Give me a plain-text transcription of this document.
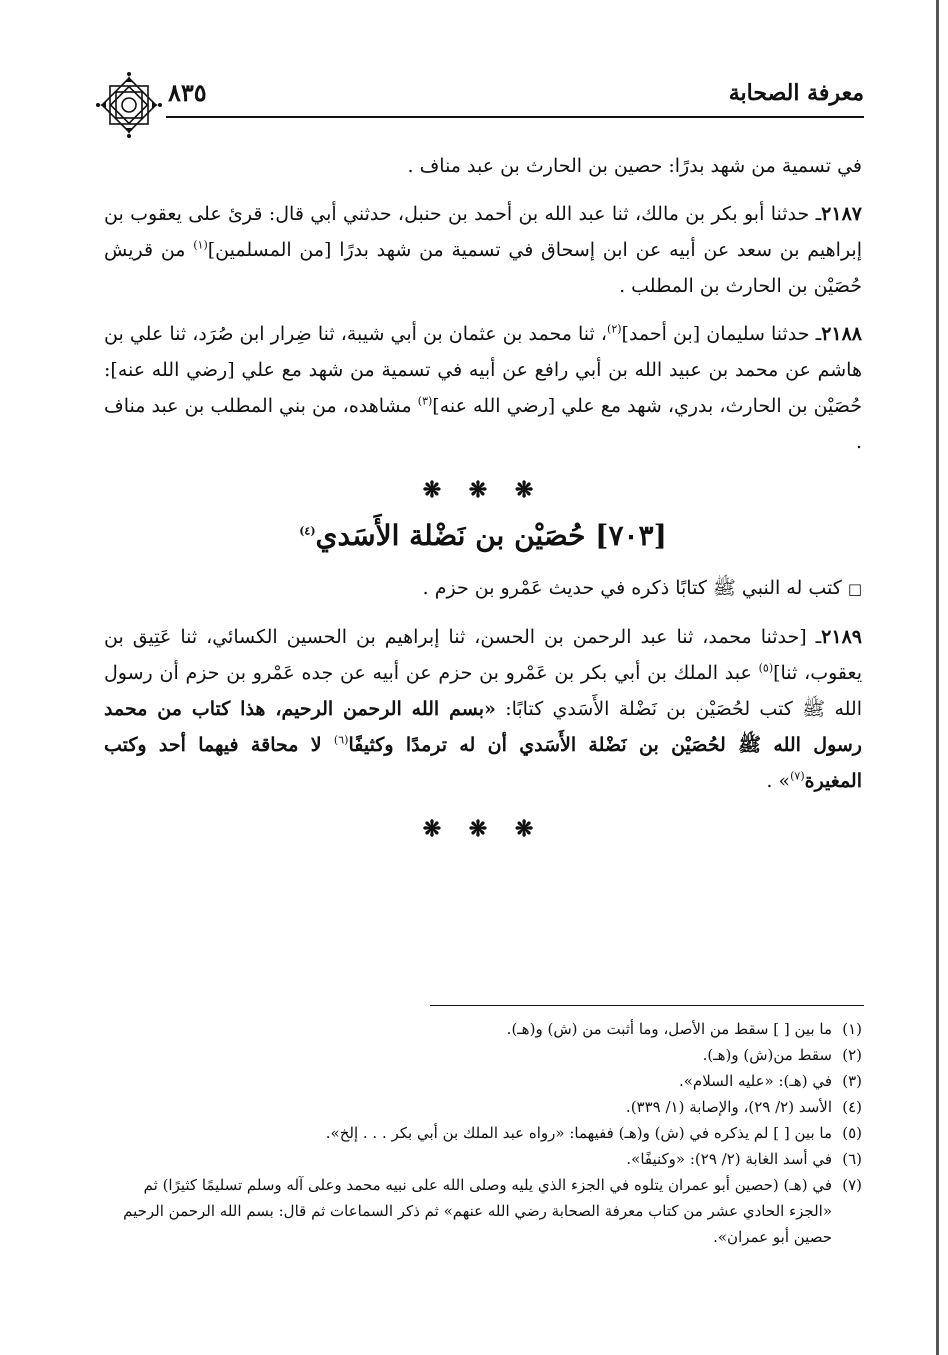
معرفة الصحابة
٨٣٥

في تسمية من شهد بدرًا: حصين بن الحارث بن عبد مناف .

٢١٨٧ـ حدثنا أبو بكر بن مالك، ثنا عبد الله بن أحمد بن حنبل، حدثني أبي قال: قرئ على يعقوب بن إبراهيم بن سعد عن أبيه عن ابن إسحاق في تسمية من شهد بدرًا [من المسلمين]$^{(١)}$ من قريش حُصَيْن بن الحارث بن المطلب .

٢١٨٨ـ حدثنا سليمان [بن أحمد]$^{(٢)}$، ثنا محمد بن عثمان بن أبي شيبة، ثنا ضِرار ابن صُرَد، ثنا علي بن هاشم عن محمد بن عبيد الله بن أبي رافع عن أبيه في تسمية من شهد مع علي [رضي الله عنه]: حُصَيْن بن الحارث، بدري، شهد مع علي [رضي الله عنه]$^{(٣)}$ مشاهده، من بني المطلب بن عبد مناف .

❋ ❋ ❋
[٧٠٣] حُصَيْن بن نَضْلة الأَسَدي$^{(٤)}$

□ كتب له النبي ﷺ كتابًا ذكره في حديث عَمْرو بن حزم .

٢١٨٩ـ [حدثنا محمد، ثنا عبد الرحمن بن الحسن، ثنا إبراهيم بن الحسين الكسائي، ثنا عَتِيق بن يعقوب، ثنا]$^{(٥)}$ عبد الملك بن أبي بكر بن عَمْرو بن حزم عن أبيه عن جده عَمْرو بن حزم أن رسول الله ﷺ كتب لحُصَيْن بن نَضْلة الأَسَدي كتابًا: «بسم الله الرحمن الرحيم، هذا كتاب من محمد رسول الله ﷺ لحُصَيْن بن نَضْلة الأَسَدي أن له ترمدًا وكثيفًا$^{(٦)}$ لا محاقة فيهما أحد وكتب المغيرة$^{(٧)}$» .

❋ ❋ ❋
(١)
ما بين [ ] سقط من الأصل، وما أثبت من (ش) و(هـ).
(٢)
سقط من(ش) و(هـ).
(٣)
في (هـ): «عليه السلام».
(٤)
الأسد (٢/ ٢٩)، والإصابة (١/ ٣٣٩).
(٥)
ما بين [ ] لم يذكره في (ش) و(هـ) ففيهما: «رواه عبد الملك بن أبي بكر . . . إلخ».
(٦)
في أسد الغابة (٢/ ٢٩): «وكنيفًا».
(٧)
في (هـ) (حصين أبو عمران يتلوه في الجزء الذي يليه وصلى الله على نبيه محمد وعلى آله وسلم تسليمًا كثيرًا) ثم «الجزء الحادي عشر من كتاب معرفة الصحابة رضي الله عنهم» ثم ذكر السماعات ثم قال: بسم الله الرحمن الرحيم حصين أبو عمران».
